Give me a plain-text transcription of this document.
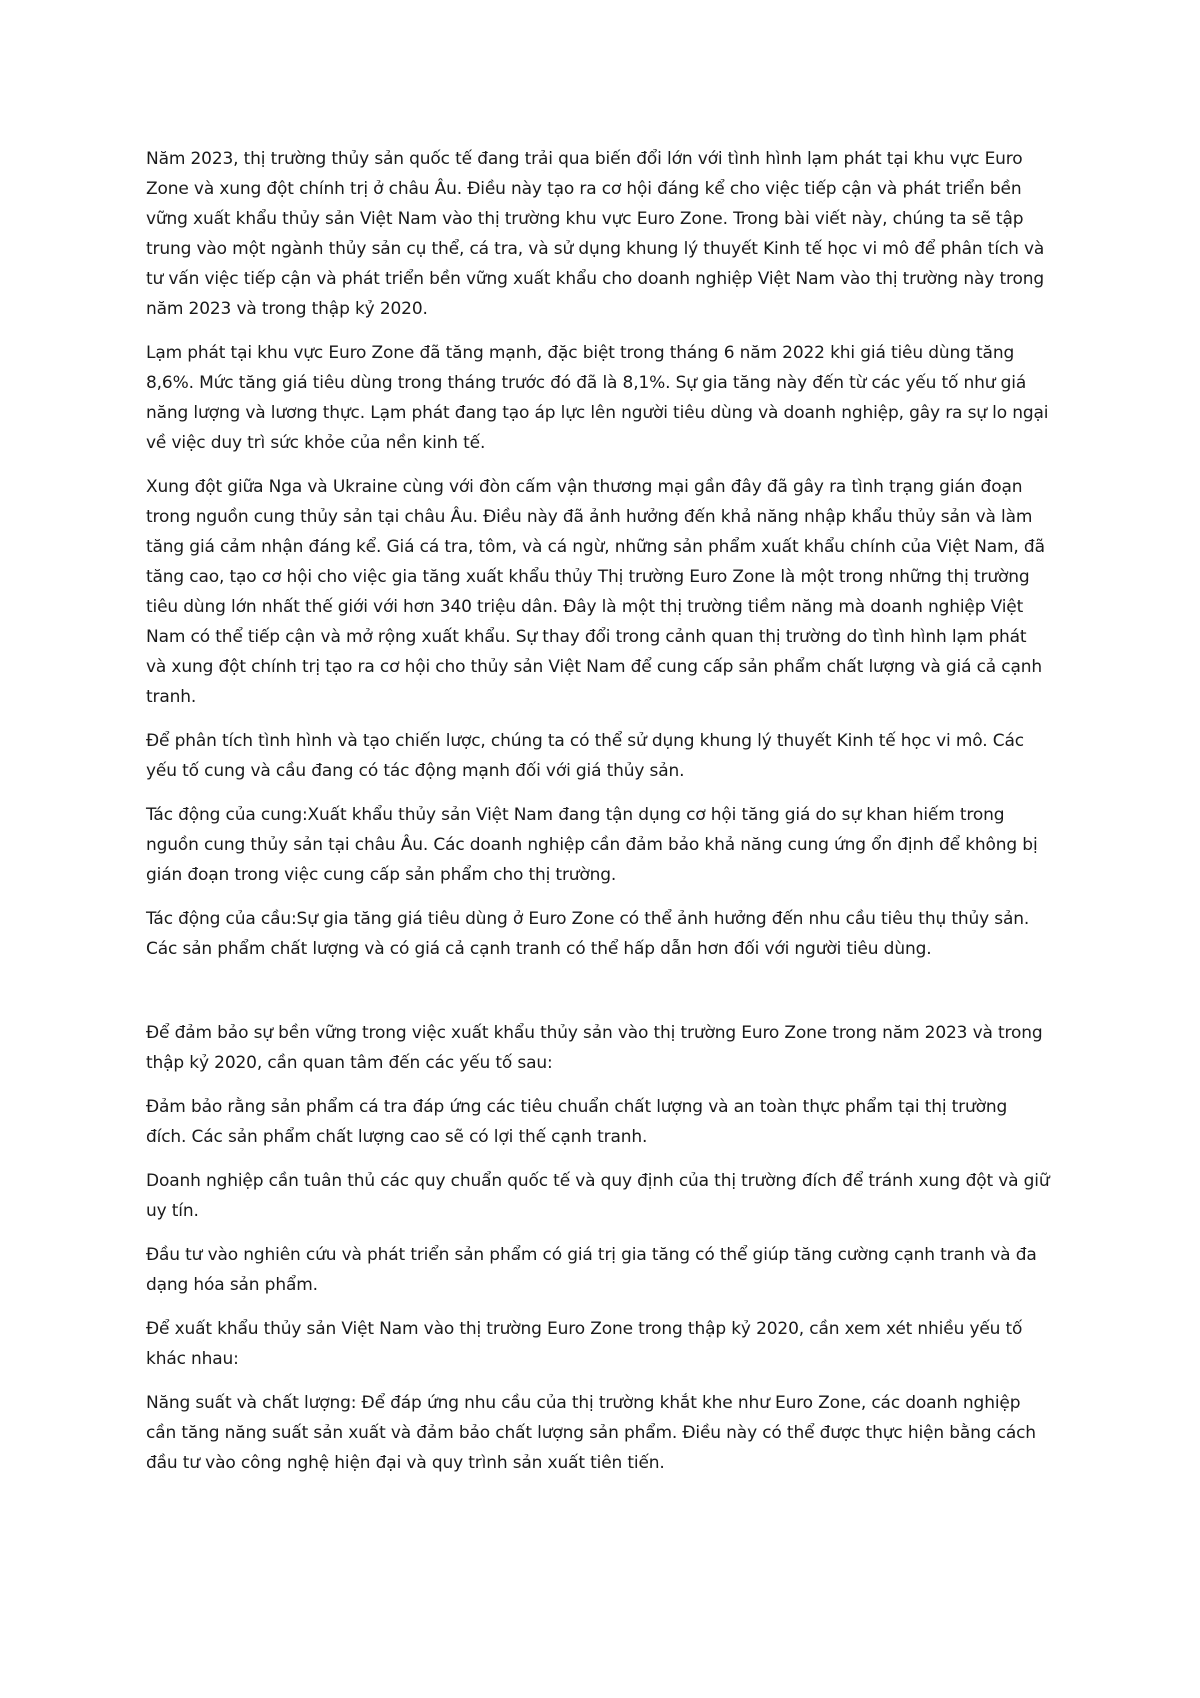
Năm 2023, thị trường thủy sản quốc tế đang trải qua biến đổi lớn với tình hình lạm phát tại khu vực Euro Zone và xung đột chính trị ở châu Âu. Điều này tạo ra cơ hội đáng kể cho việc tiếp cận và phát triển bền vững xuất khẩu thủy sản Việt Nam vào thị trường khu vực Euro Zone. Trong bài viết này, chúng ta sẽ tập trung vào một ngành thủy sản cụ thể, cá tra, và sử dụng khung lý thuyết Kinh tế học vi mô để phân tích và tư vấn việc tiếp cận và phát triển bền vững xuất khẩu cho doanh nghiệp Việt Nam vào thị trường này trong năm 2023 và trong thập kỷ 2020.

Lạm phát tại khu vực Euro Zone đã tăng mạnh, đặc biệt trong tháng 6 năm 2022 khi giá tiêu dùng tăng 8,6%. Mức tăng giá tiêu dùng trong tháng trước đó đã là 8,1%. Sự gia tăng này đến từ các yếu tố như giá năng lượng và lương thực. Lạm phát đang tạo áp lực lên người tiêu dùng và doanh nghiệp, gây ra sự lo ngại về việc duy trì sức khỏe của nền kinh tế.

Xung đột giữa Nga và Ukraine cùng với đòn cấm vận thương mại gần đây đã gây ra tình trạng gián đoạn trong nguồn cung thủy sản tại châu Âu. Điều này đã ảnh hưởng đến khả năng nhập khẩu thủy sản và làm tăng giá cảm nhận đáng kể. Giá cá tra, tôm, và cá ngừ, những sản phẩm xuất khẩu chính của Việt Nam, đã tăng cao, tạo cơ hội cho việc gia tăng xuất khẩu thủy Thị trường Euro Zone là một trong những thị trường tiêu dùng lớn nhất thế giới với hơn 340 triệu dân. Đây là một thị trường tiềm năng mà doanh nghiệp Việt Nam có thể tiếp cận và mở rộng xuất khẩu. Sự thay đổi trong cảnh quan thị trường do tình hình lạm phát và xung đột chính trị tạo ra cơ hội cho thủy sản Việt Nam để cung cấp sản phẩm chất lượng và giá cả cạnh tranh.

Để phân tích tình hình và tạo chiến lược, chúng ta có thể sử dụng khung lý thuyết Kinh tế học vi mô. Các yếu tố cung và cầu đang có tác động mạnh đối với giá thủy sản.

Tác động của cung:Xuất khẩu thủy sản Việt Nam đang tận dụng cơ hội tăng giá do sự khan hiếm trong nguồn cung thủy sản tại châu Âu. Các doanh nghiệp cần đảm bảo khả năng cung ứng ổn định để không bị gián đoạn trong việc cung cấp sản phẩm cho thị trường.

Tác động của cầu:Sự gia tăng giá tiêu dùng ở Euro Zone có thể ảnh hưởng đến nhu cầu tiêu thụ thủy sản. Các sản phẩm chất lượng và có giá cả cạnh tranh có thể hấp dẫn hơn đối với người tiêu dùng.

Để đảm bảo sự bền vững trong việc xuất khẩu thủy sản vào thị trường Euro Zone trong năm 2023 và trong thập kỷ 2020, cần quan tâm đến các yếu tố sau:

Đảm bảo rằng sản phẩm cá tra đáp ứng các tiêu chuẩn chất lượng và an toàn thực phẩm tại thị trường đích. Các sản phẩm chất lượng cao sẽ có lợi thế cạnh tranh.

Doanh nghiệp cần tuân thủ các quy chuẩn quốc tế và quy định của thị trường đích để tránh xung đột và giữ uy tín.

Đầu tư vào nghiên cứu và phát triển sản phẩm có giá trị gia tăng có thể giúp tăng cường cạnh tranh và đa dạng hóa sản phẩm.

Để xuất khẩu thủy sản Việt Nam vào thị trường Euro Zone trong thập kỷ 2020, cần xem xét nhiều yếu tố khác nhau:

Năng suất và chất lượng: Để đáp ứng nhu cầu của thị trường khắt khe như Euro Zone, các doanh nghiệp cần tăng năng suất sản xuất và đảm bảo chất lượng sản phẩm. Điều này có thể được thực hiện bằng cách đầu tư vào công nghệ hiện đại và quy trình sản xuất tiên tiến.
